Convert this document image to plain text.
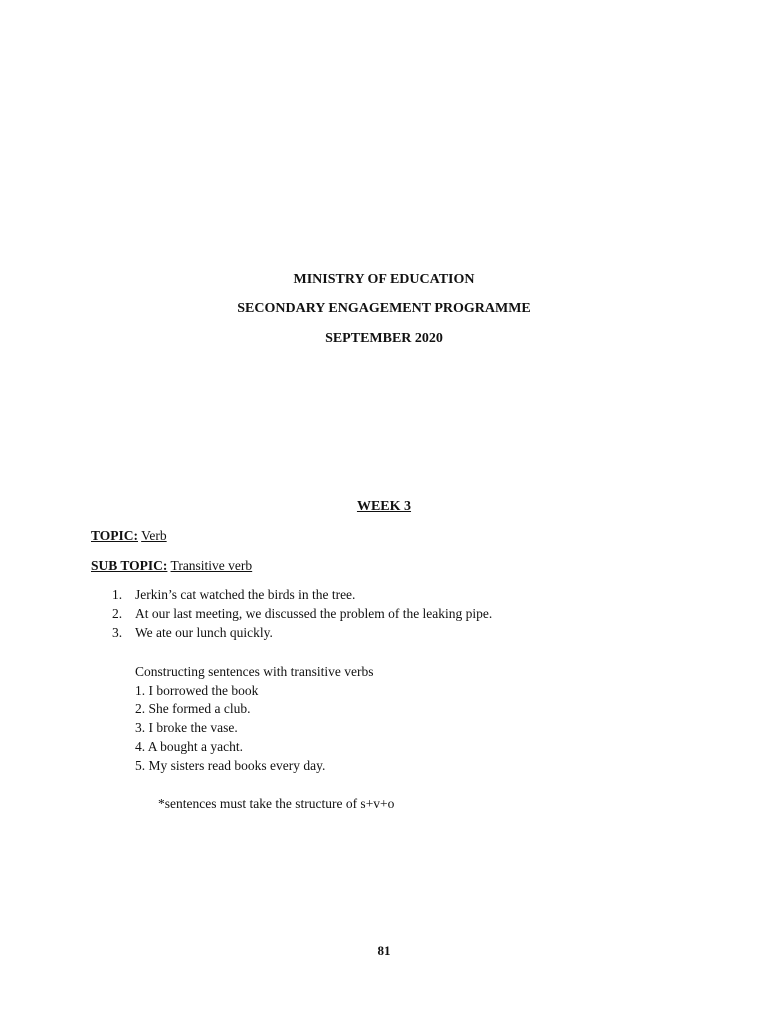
MINISTRY OF EDUCATION
SECONDARY ENGAGEMENT PROGRAMME
SEPTEMBER 2020
WEEK 3
TOPIC: Verb
SUB TOPIC: Transitive verb
1. Jerkin’s cat watched the birds in the tree.
2. At our last meeting, we discussed the problem of the leaking pipe.
3. We ate our lunch quickly.
Constructing sentences with transitive verbs
1. I borrowed the book
2. She formed a club.
3. I broke the vase.
4. A bought a yacht.
5. My sisters read books every day.
*sentences must take the structure of s+v+o
81
